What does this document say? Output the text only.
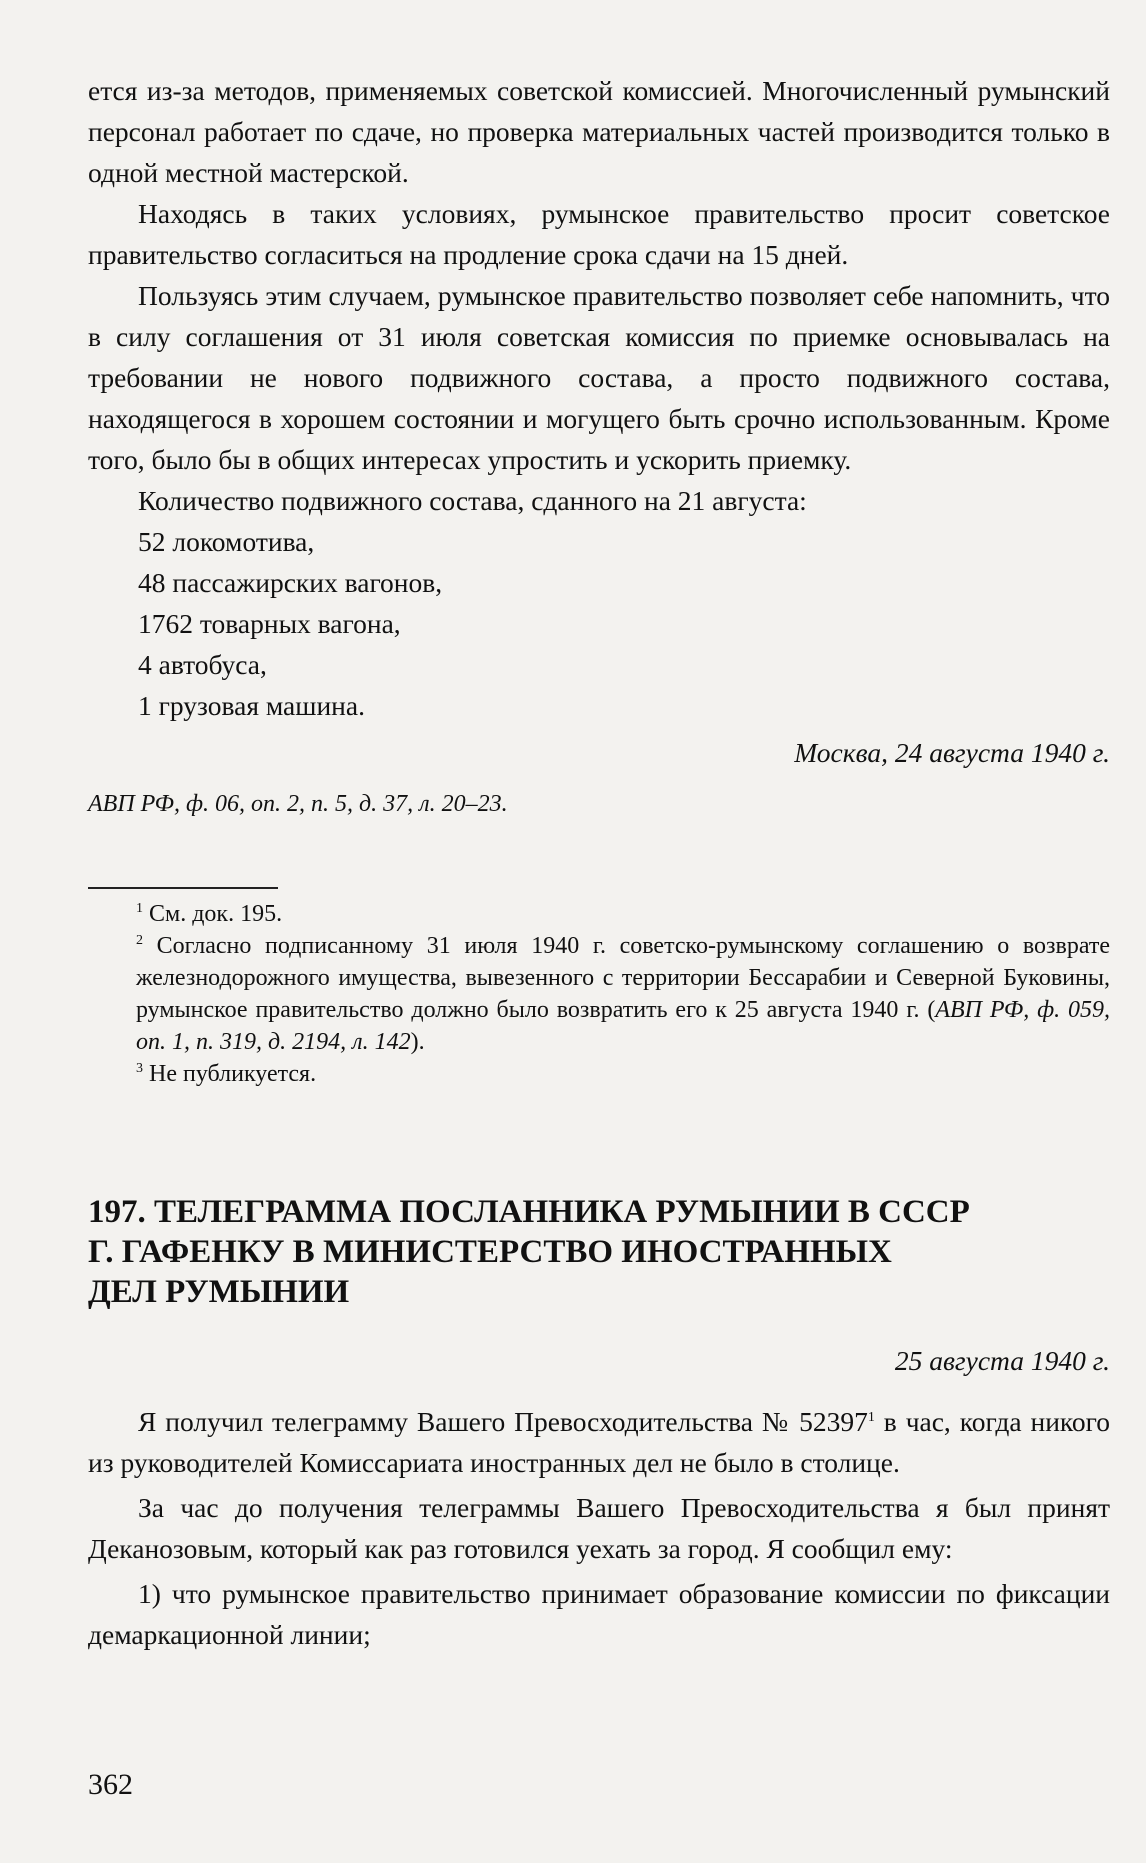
ется из-за методов, применяемых советской комиссией. Многочисленный румынский персонал работает по сдаче, но проверка материальных частей производится только в одной местной мастерской.

Находясь в таких условиях, румынское правительство просит советское правительство согласиться на продление срока сдачи на 15 дней.

Пользуясь этим случаем, румынское правительство позволяет себе напомнить, что в силу соглашения от 31 июля советская комиссия по приемке основывалась на требовании не нового подвижного состава, а просто подвижного состава, находящегося в хорошем состоянии и могущего быть срочно использованным. Кроме того, было бы в общих интересах упростить и ускорить приемку.

Количество подвижного состава, сданного на 21 августа:

52 локомотива,

48 пассажирских вагонов,

1762 товарных вагона,

4 автобуса,

1 грузовая машина.

Москва, 24 августа 1940 г.

АВП РФ, ф. 06, оп. 2, п. 5, д. 37, л. 20–23.

$^1$ См. док. 195.

$^2$ Согласно подписанному 31 июля 1940 г. советско-румынскому соглашению о возврате железнодорожного имущества, вывезенного с территории Бессарабии и Северной Буковины, румынское правительство должно было возвратить его к 25 августа 1940 г. (АВП РФ, ф. 059, оп. 1, п. 319, д. 2194, л. 142).

$^3$ Не публикуется.

197. ТЕЛЕГРАММА ПОСЛАННИКА РУМЫНИИ В СССР

Г. ГАФЕНКУ В МИНИСТЕРСТВО ИНОСТРАННЫХ

ДЕЛ РУМЫНИИ

25 августа 1940 г.

Я получил телеграмму Вашего Превосходительства № 52397$^1$ в час, когда никого из руководителей Комиссариата иностранных дел не было в столице.

За час до получения телеграммы Вашего Превосходительства я был принят Деканозовым, который как раз готовился уехать за город. Я сообщил ему:

1) что румынское правительство принимает образование комиссии по фиксации демаркационной линии;

362
